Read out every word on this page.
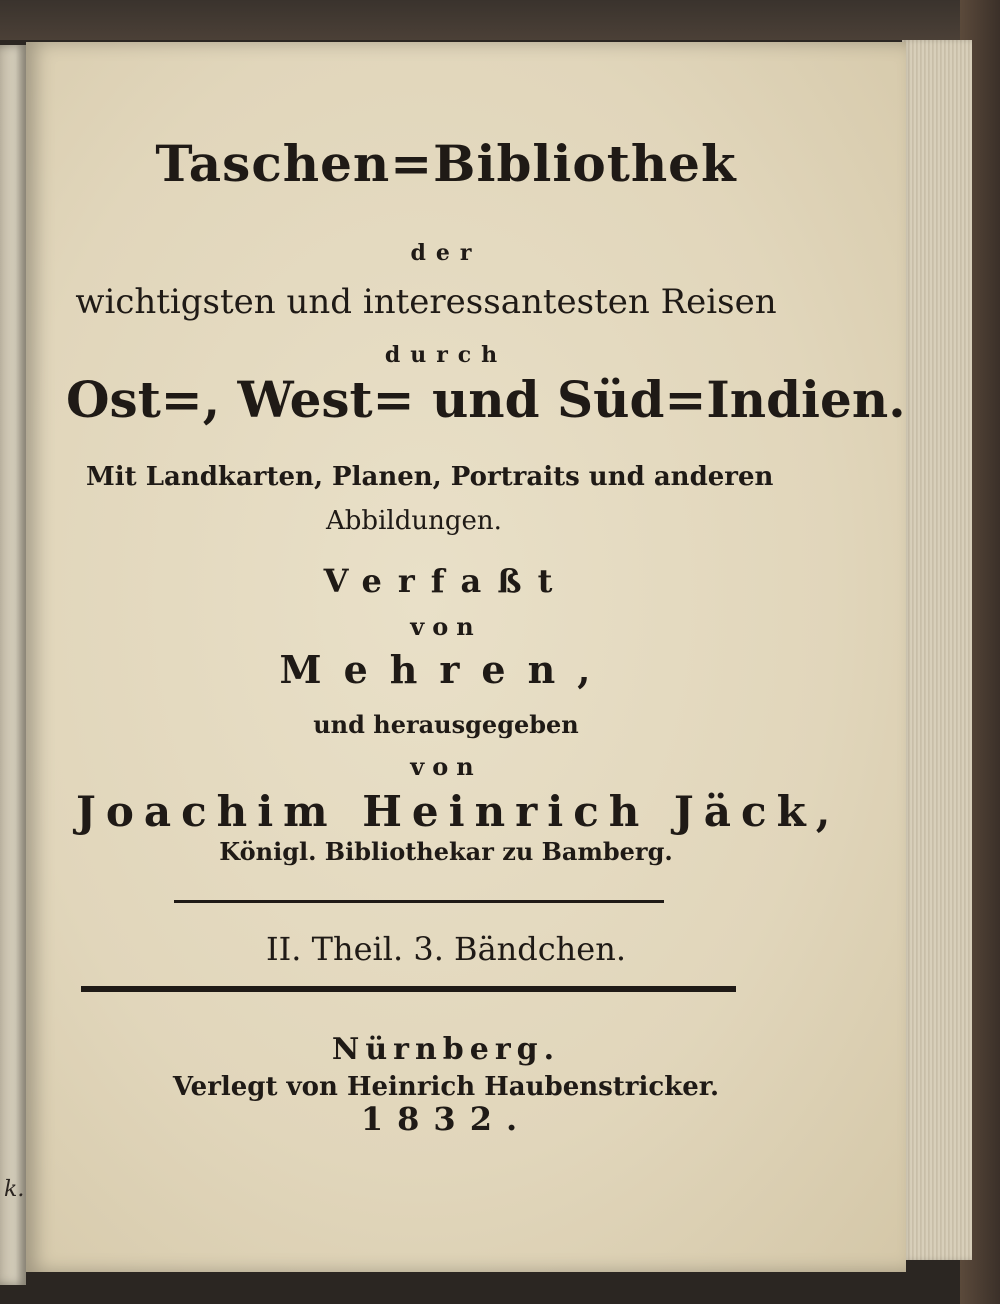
k.
Taschen=Bibliothek
der
wichtigsten und interessantesten Reisen
durch
Ost=, West= und Süd=Indien.
Mit Landkarten, Planen, Portraits und anderen
Abbildungen.
Verfaßt
von
Mehren,
und herausgegeben
von
Joachim Heinrich Jäck,
Königl. Bibliothekar zu Bamberg.
II. Theil. 3. Bändchen.
Nürnberg.
Verlegt von Heinrich Haubenstricker.
1832.
